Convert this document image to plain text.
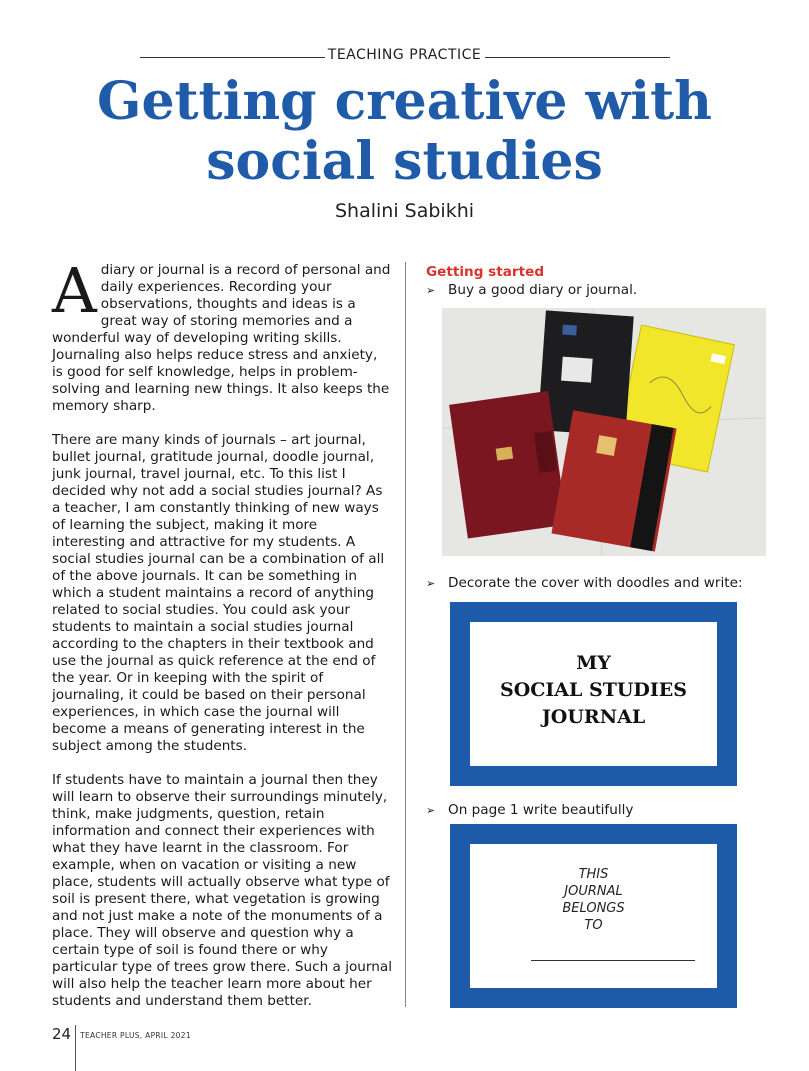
TEACHING PRACTICE
Getting creative with
social studies
Shalini Sabikhi

A diary or journal is a record of personal and daily experiences. Recording your observations, thoughts and ideas is a great way of storing memories and a wonderful way of developing writing skills. Journaling also helps reduce stress and anxiety, is good for self knowledge, helps in problem-solving and learning new things. It also keeps the memory sharp.

There are many kinds of journals – art journal, bullet journal, gratitude journal, doodle journal, junk journal, travel journal, etc. To this list I decided why not add a social studies journal? As a teacher, I am constantly thinking of new ways of learning the subject, making it more interesting and attractive for my students. A social studies journal can be a combination of all of the above journals. It can be something in which a student maintains a record of anything related to social studies. You could ask your students to maintain a social studies journal according to the chapters in their textbook and use the journal as quick reference at the end of the year. Or in keeping with the spirit of journaling, it could be based on their personal experiences, in which case the journal will become a means of generating interest in the subject among the students.

If students have to maintain a journal then they will learn to observe their surroundings minutely, think, make judgments, question, retain information and connect their experiences with what they have learnt in the classroom. For example, when on vacation or visiting a new place, students will actually observe what type of soil is present there, what vegetation is growing and not just make a note of the monuments of a place. They will observe and question why a certain type of soil is found there or why particular type of trees grow there. Such a journal will also help the teacher learn more about her students and understand them better.

Getting started
➢ Buy a good diary or journal.
➢ Decorate the cover with doodles and write:
MY
SOCIAL STUDIES
JOURNAL
➢ On page 1 write beautifully
THIS
JOURNAL
BELONGS
TO
24 TEACHER PLUS, APRIL 2021
